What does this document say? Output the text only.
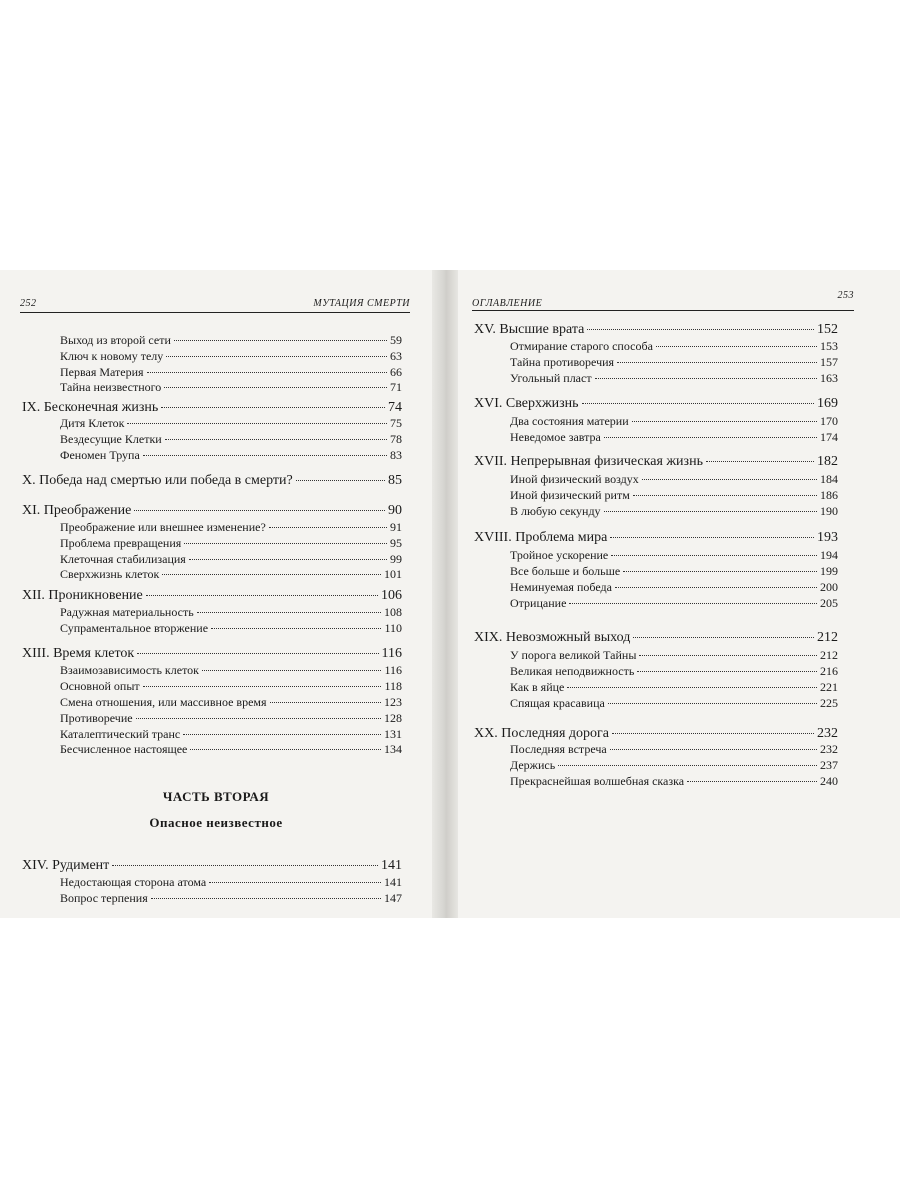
252	МУТАЦИЯ СМЕРТИ
Выход из второй сети	59
Ключ к новому телу	63
Первая Материя	66
Тайна неизвестного	71
IX. Бесконечная жизнь	74
Дитя Клеток	75
Вездесущие Клетки	78
Феномен Трупа	83
X. Победа над смертью или победа в смерти?	85
XI. Преображение	90
Преображение или внешнее изменение?	91
Проблема превращения	95
Клеточная стабилизация	99
Сверхжизнь клеток	101
XII. Проникновение	106
Радужная материальность	108
Супраментальное вторжение	110
XIII. Время клеток	116
Взаимозависимость клеток	116
Основной опыт	118
Смена отношения, или массивное время	123
Противоречие	128
Каталептический транс	131
Бесчисленное настоящее	134
ЧАСТЬ ВТОРАЯ
Опасное неизвестное
XIV. Рудимент	141
Недостающая сторона атома	141
Вопрос терпения	147
ОГЛАВЛЕНИЕ
253
XV. Высшие врата	152
Отмирание старого способа	153
Тайна противоречия	157
Угольный пласт	163
XVI. Сверхжизнь	169
Два состояния материи	170
Неведомое завтра	174
XVII. Непрерывная физическая жизнь	182
Иной физический воздух	184
Иной физический ритм	186
В любую секунду	190
XVIII. Проблема мира	193
Тройное ускорение	194
Все больше и больше	199
Неминуемая победа	200
Отрицание	205
XIX. Невозможный выход	212
У порога великой Тайны	212
Великая неподвижность	216
Как в яйце	221
Спящая красавица	225
XX. Последняя дорога	232
Последняя встреча	232
Держись	237
Прекраснейшая волшебная сказка	240
